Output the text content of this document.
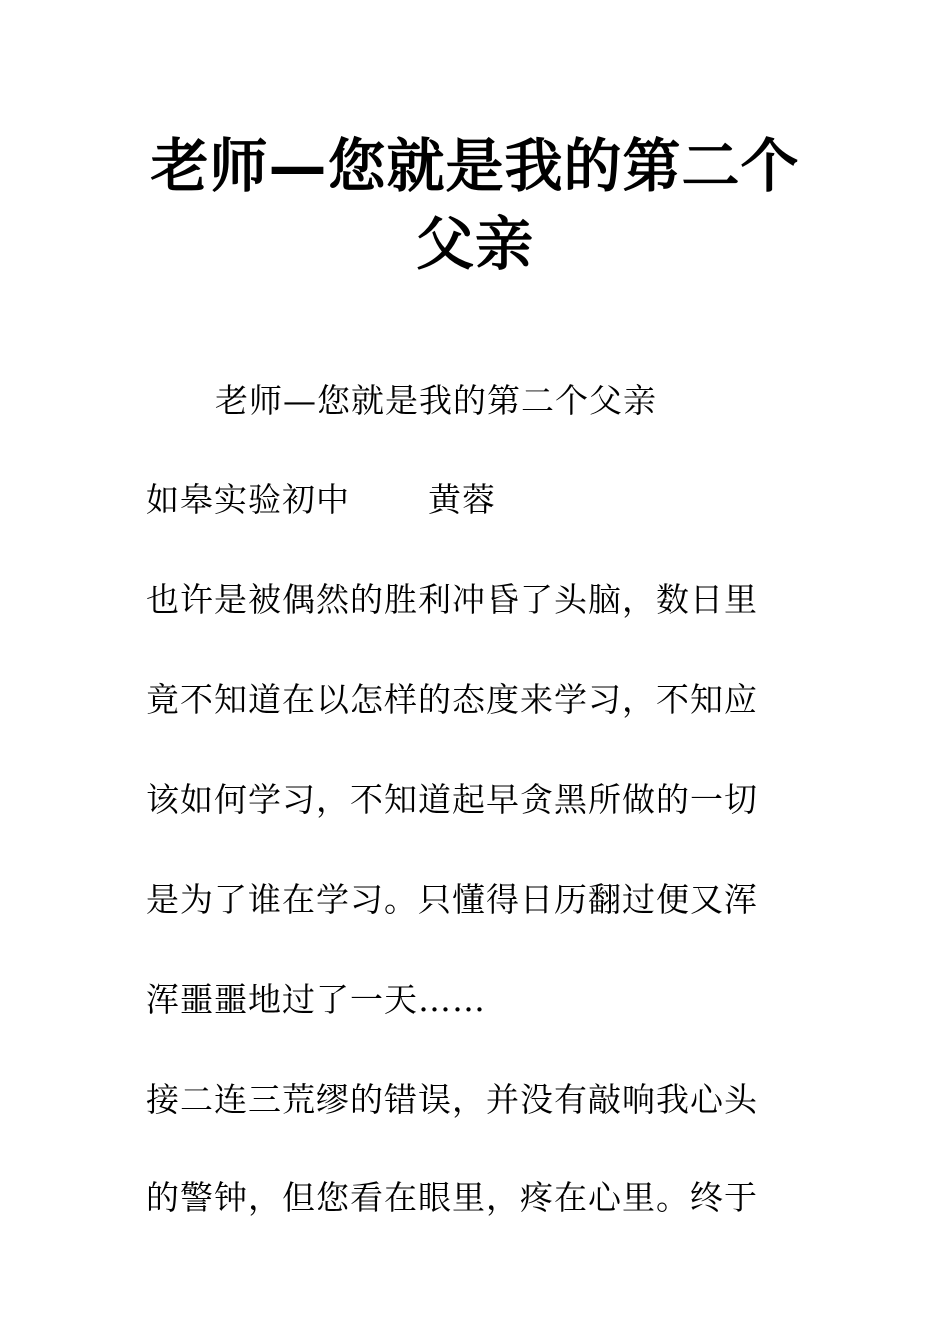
老师—您就是我的第二个
父亲
老师—您就是我的第二个父亲
如皋实验初中 黄蓉
也许是被偶然的胜利冲昏了头脑，数日里
竟不知道在以怎样的态度来学习，不知应
该如何学习，不知道起早贪黑所做的一切
是为了谁在学习。只懂得日历翻过便又浑
浑噩噩地过了一天……
接二连三荒缪的错误，并没有敲响我心头
的警钟，但您看在眼里，疼在心里。终于
